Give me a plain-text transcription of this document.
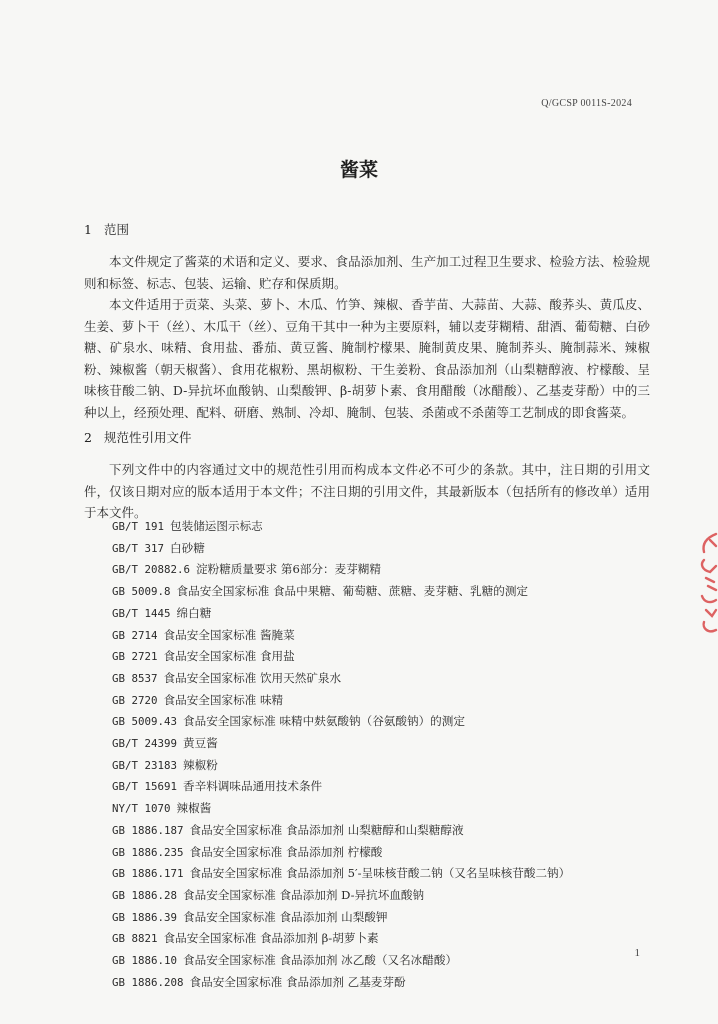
Q/GCSP 0011S-2024
酱菜
1 范围

本文件规定了酱菜的术语和定义、要求、食品添加剂、生产加工过程卫生要求、检验方法、检验规则和标签、标志、包装、运输、贮存和保质期。

本文件适用于贡菜、头菜、萝卜、木瓜、竹笋、辣椒、香芋苗、大蒜苗、大蒜、酸荞头、黄瓜皮、生姜、萝卜干（丝）、木瓜干（丝）、豆角干其中一种为主要原料，辅以麦芽糊精、甜酒、葡萄糖、白砂糖、矿泉水、味精、食用盐、番茄、黄豆酱、腌制柠檬果、腌制黄皮果、腌制荞头、腌制蒜米、辣椒粉、辣椒酱（朝天椒酱）、食用花椒粉、黑胡椒粉、干生姜粉、食品添加剂（山梨糖醇液、柠檬酸、呈味核苷酸二钠、D-异抗坏血酸钠、山梨酸钾、β-胡萝卜素、食用醋酸（冰醋酸）、乙基麦芽酚）中的三种以上，经预处理、配料、研磨、熟制、冷却、腌制、包装、杀菌或不杀菌等工艺制成的即食酱菜。

2 规范性引用文件

下列文件中的内容通过文中的规范性引用而构成本文件必不可少的条款。其中，注日期的引用文件，仅该日期对应的版本适用于本文件；不注日期的引用文件，其最新版本（包括所有的修改单）适用于本文件。

GB/T 191 包装储运图示标志
GB/T 317 白砂糖
GB/T 20882.6 淀粉糖质量要求 第6部分：麦芽糊精
GB 5009.8 食品安全国家标准 食品中果糖、葡萄糖、蔗糖、麦芽糖、乳糖的测定
GB/T 1445 绵白糖
GB 2714 食品安全国家标准 酱腌菜
GB 2721 食品安全国家标准 食用盐
GB 8537 食品安全国家标准 饮用天然矿泉水
GB 2720 食品安全国家标准 味精
GB 5009.43 食品安全国家标准 味精中麸氨酸钠（谷氨酸钠）的测定
GB/T 24399 黄豆酱
GB/T 23183 辣椒粉
GB/T 15691 香辛料调味品通用技术条件
NY/T 1070 辣椒酱
GB 1886.187 食品安全国家标准 食品添加剂 山梨糖醇和山梨糖醇液
GB 1886.235 食品安全国家标准 食品添加剂 柠檬酸
GB 1886.171 食品安全国家标准 食品添加剂 5′-呈味核苷酸二钠（又名呈味核苷酸二钠）
GB 1886.28 食品安全国家标准 食品添加剂 D-异抗坏血酸钠
GB 1886.39 食品安全国家标准 食品添加剂 山梨酸钾
GB 8821 食品安全国家标准 食品添加剂 β-胡萝卜素
GB 1886.10 食品安全国家标准 食品添加剂 冰乙酸（又名冰醋酸）
GB 1886.208 食品安全国家标准 食品添加剂 乙基麦芽酚
1
